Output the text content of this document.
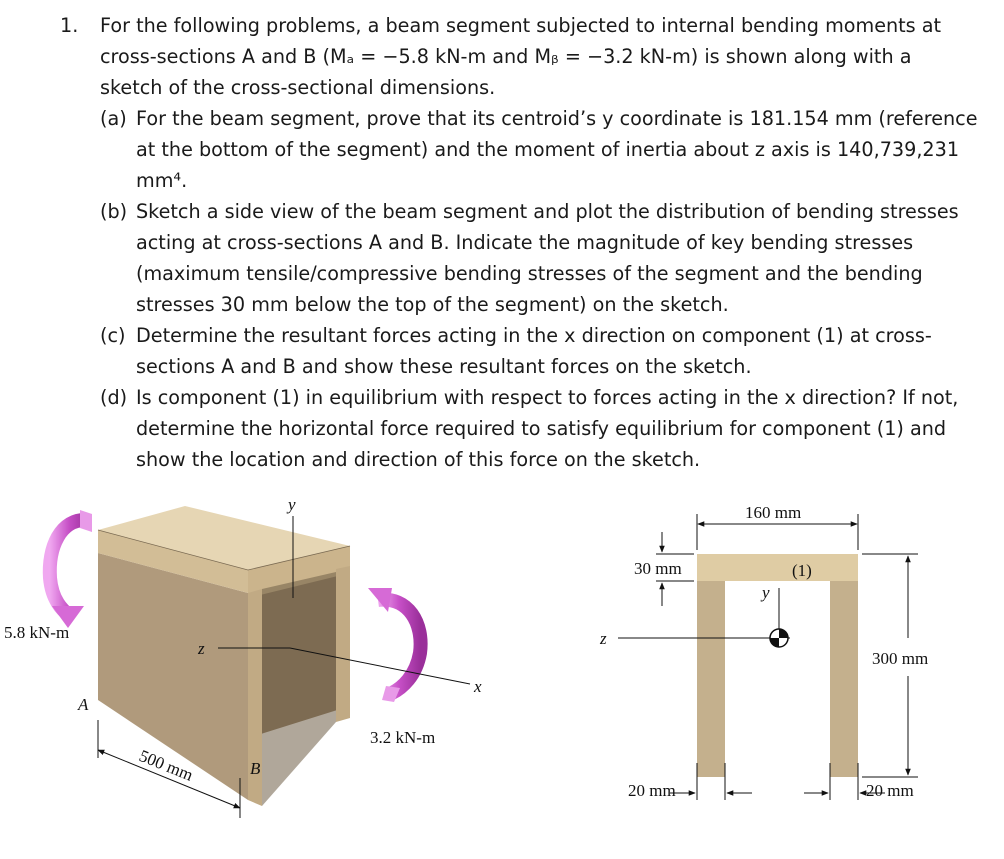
1.	For the following problems, a beam segment subjected to internal bending moments at cross-sections A and B (Mₐ = −5.8 kN-m and Mᵦ = −3.2 kN-m) is shown along with a sketch of the cross-sectional dimensions.
(a) For the beam segment, prove that its centroid’s y coordinate is 181.154 mm (reference at the bottom of the segment) and the moment of inertia about z axis is 140,739,231 mm⁴.
(b) Sketch a side view of the beam segment and plot the distribution of bending stresses acting at cross-sections A and B. Indicate the magnitude of key bending stresses (maximum tensile/compressive bending stresses of the segment and the bending stresses 30 mm below the top of the segment) on the sketch.
(c) Determine the resultant forces acting in the x direction on component (1) at cross-sections A and B and show these resultant forces on the sketch.
(d) Is component (1) in equilibrium with respect to forces acting in the x direction? If not, determine the horizontal force required to satisfy equilibrium for component (1) and show the location and direction of this force on the sketch.
y
z
x
5.8 kN-m
3.2 kN-m
A
B
500 mm
z
y
(1)
160 mm
30 mm
300 mm
20 mm	20 mm
